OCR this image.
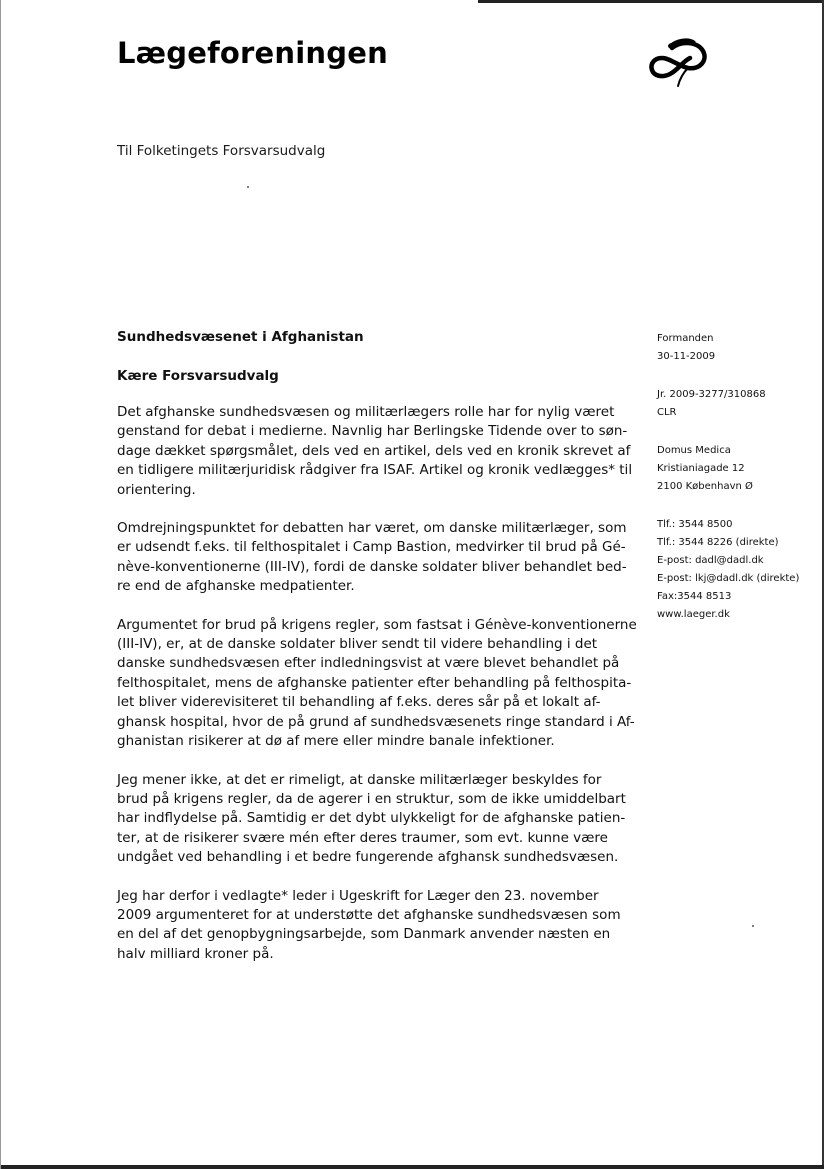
Lægeforeningen
Til Folketingets Forsvarsudvalg
Sundhedsvæsenet i Afghanistan
Kære Forsvarsudvalg

Det afghanske sundhedsvæsen og militærlægers rolle har for nylig været
genstand for debat i medierne. Navnlig har Berlingske Tidende over to søn-
dage dækket spørgsmålet, dels ved en artikel, dels ved en kronik skrevet af
en tidligere militærjuridisk rådgiver fra ISAF. Artikel og kronik vedlægges* til
orientering.

Omdrejningspunktet for debatten har været, om danske militærlæger, som
er udsendt f.eks. til felthospitalet i Camp Bastion, medvirker til brud på Gé-
nève-konventionerne (III-IV), fordi de danske soldater bliver behandlet bed-
re end de afghanske medpatienter.

Argumentet for brud på krigens regler, som fastsat i Génève-konventionerne
(III-IV), er, at de danske soldater bliver sendt til videre behandling i det
danske sundhedsvæsen efter indledningsvist at være blevet behandlet på
felthospitalet, mens de afghanske patienter efter behandling på felthospita-
let bliver viderevisiteret til behandling af f.eks. deres sår på et lokalt af-
ghansk hospital, hvor de på grund af sundhedsvæsenets ringe standard i Af-
ghanistan risikerer at dø af mere eller mindre banale infektioner.

Jeg mener ikke, at det er rimeligt, at danske militærlæger beskyldes for
brud på krigens regler, da de agerer i en struktur, som de ikke umiddelbart
har indflydelse på. Samtidig er det dybt ulykkeligt for de afghanske patien-
ter, at de risikerer svære mén efter deres traumer, som evt. kunne være
undgået ved behandling i et bedre fungerende afghansk sundhedsvæsen.

Jeg har derfor i vedlagte* leder i Ugeskrift for Læger den 23. november
2009 argumenteret for at understøtte det afghanske sundhedsvæsen som
en del af det genopbygningsarbejde, som Danmark anvender næsten en
halv milliard kroner på.

Formanden
30-11-2009
Jr. 2009-3277/310868
CLR
Domus Medica
Kristianiagade 12
2100 København Ø
Tlf.: 3544 8500
Tlf.: 3544 8226 (direkte)
E-post: dadl@dadl.dk
E-post: lkj@dadl.dk (direkte)
Fax:3544 8513
www.laeger.dk
